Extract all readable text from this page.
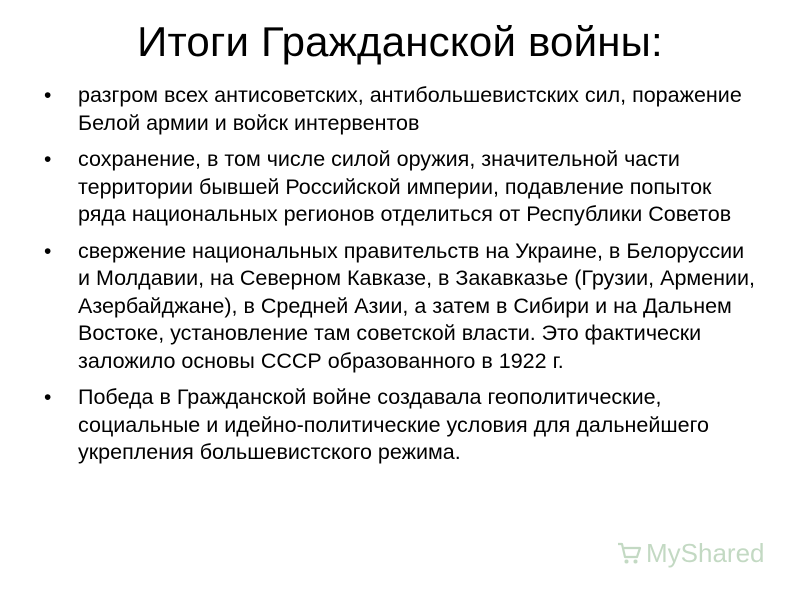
Итоги Гражданской войны:
• разгром всех антисоветских, антибольшевистских сил, поражение Белой армии и войск интервентов
• сохранение, в том числе силой оружия, значительной части территории бывшей Российской империи, подавление попыток ряда национальных регионов отделиться от Республики Советов
• свержение национальных правительств на Украине, в Белоруссии и Молдавии, на Северном Кавказе, в Закавказье (Грузии, Армении, Азербайджане), в Средней Азии, а затем в Сибири и на Дальнем Востоке, установление там советской власти. Это фактически заложило основы СССР образованного в 1922 г.
• Победа в Гражданской войне создавала геополитические, социальные и идейно-политические условия для дальнейшего укрепления большевистского режима.
MyShared
